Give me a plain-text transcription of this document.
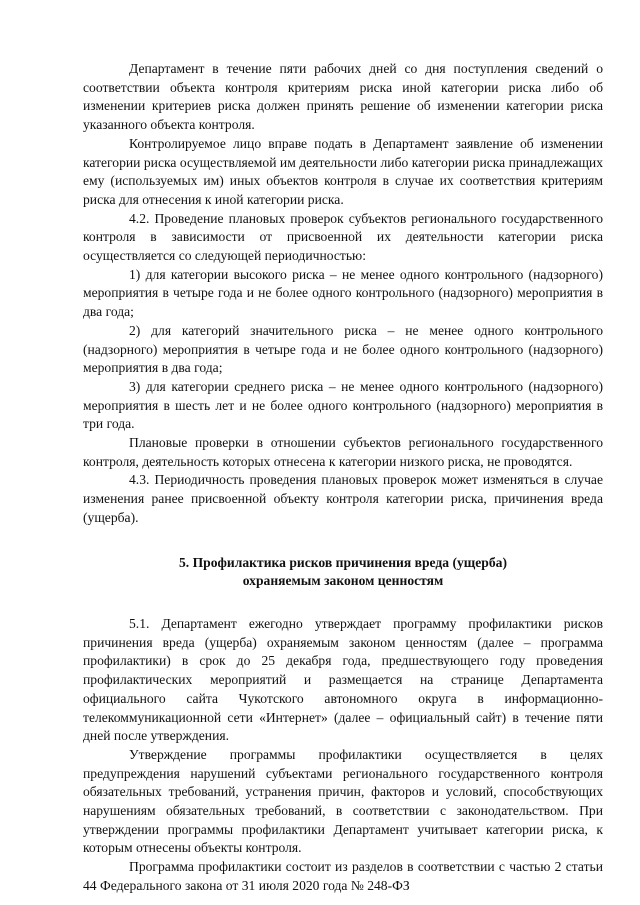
Департамент в течение пяти рабочих дней со дня поступления сведений о соответствии объекта контроля критериям риска иной категории риска либо об изменении критериев риска должен принять решение об изменении категории риска указанного объекта контроля.

Контролируемое лицо вправе подать в Департамент заявление об изменении категории риска осуществляемой им деятельности либо категории риска принадлежащих ему (используемых им) иных объектов контроля в случае их соответствия критериям риска для отнесения к иной категории риска.

4.2. Проведение плановых проверок субъектов регионального государственного контроля в зависимости от присвоенной их деятельности категории риска осуществляется со следующей периодичностью:

1) для категории высокого риска – не менее одного контрольного (надзорного) мероприятия в четыре года и не более одного контрольного (надзорного) мероприятия в два года;

2) для категорий значительного риска – не менее одного контрольного (надзорного) мероприятия в четыре года и не более одного контрольного (надзорного) мероприятия в два года;

3) для категории среднего риска – не менее одного контрольного (надзорного) мероприятия в шесть лет и не более одного контрольного (надзорного) мероприятия в три года.

Плановые проверки в отношении субъектов регионального государственного контроля, деятельность которых отнесена к категории низкого риска, не проводятся.

4.3. Периодичность проведения плановых проверок может изменяться в случае изменения ранее присвоенной объекту контроля категории риска, причинения вреда (ущерба).

5. Профилактика рисков причинения вреда (ущерба)
охраняемым законом ценностям

5.1. Департамент ежегодно утверждает программу профилактики рисков причинения вреда (ущерба) охраняемым законом ценностям (далее – программа профилактики) в срок до 25 декабря года, предшествующего году проведения профилактических мероприятий и размещается на странице Департамента официального сайта Чукотского автономного округа в информационно-телекоммуникационной сети «Интернет» (далее – официальный сайт) в течение пяти дней после утверждения.

Утверждение программы профилактики осуществляется в целях предупреждения нарушений субъектами регионального государственного контроля обязательных требований, устранения причин, факторов и условий, способствующих нарушениям обязательных требований, в соответствии с законодательством. При утверждении программы профилактики Департамент учитывает категории риска, к которым отнесены объекты контроля.

Программа профилактики состоит из разделов в соответствии с частью 2 статьи 44 Федерального закона от 31 июля 2020 года № 248-ФЗ
